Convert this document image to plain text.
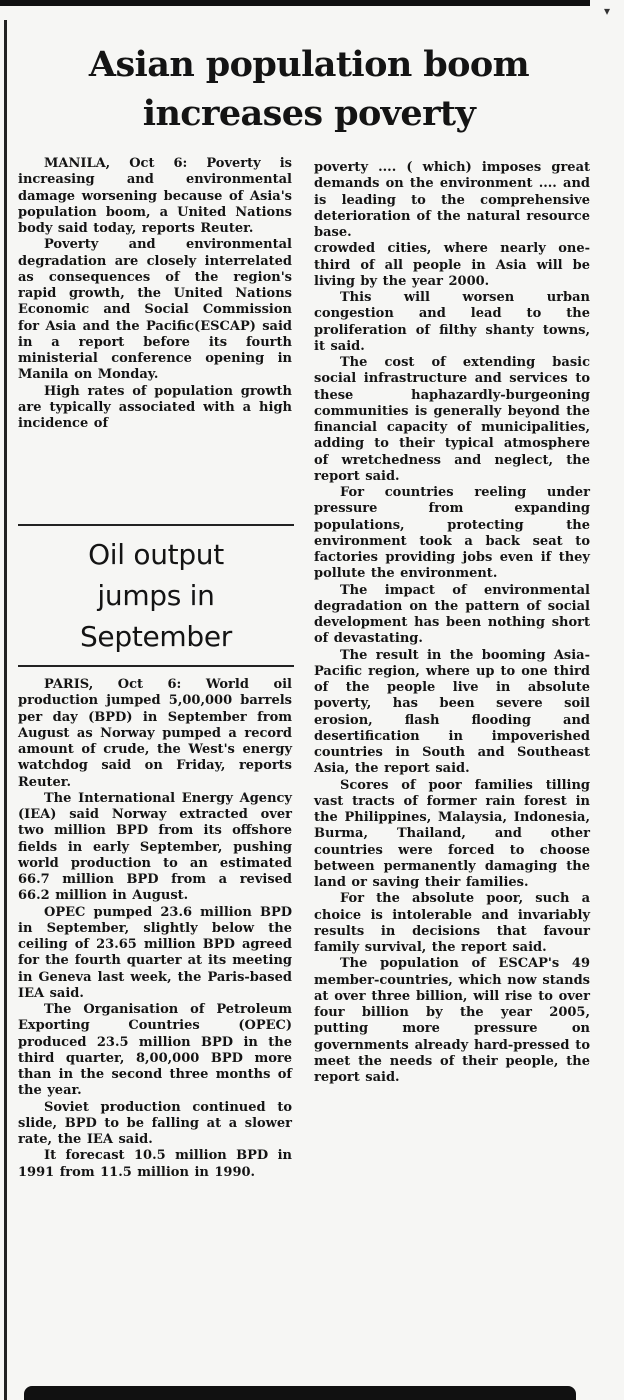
▾
Asian population boom
increases poverty

MANILA, Oct 6: Poverty is increasing and environmental damage worsening because of Asia's population boom, a United Nations body said today, reports Reuter.

Poverty and environmental degradation are closely interrelated as consequences of the region's rapid growth, the United Nations Economic and Social Commission for Asia and the Pacific(ESCAP) said in a report before its fourth ministerial conference opening in Manila on Monday.

High rates of population growth are typically associated with a high incidence of

Oil output
jumps in
September

PARIS, Oct 6: World oil production jumped 5,00,000 barrels per day (BPD) in September from August as Norway pumped a record amount of crude, the West's energy watchdog said on Friday, reports Reuter.

The International Energy Agency (IEA) said Norway extracted over two million BPD from its offshore fields in early September, pushing world production to an estimated 66.7 million BPD from a revised 66.2 million in August.

OPEC pumped 23.6 million BPD in September, slightly below the ceiling of 23.65 million BPD agreed for the fourth quarter at its meeting in Geneva last week, the Paris-based IEA said.

The Organisation of Petroleum Exporting Countries (OPEC) produced 23.5 million BPD in the third quarter, 8,00,000 BPD more than in the second three months of the year.

Soviet production continued to slide, BPD to be falling at a slower rate, the IEA said.

It forecast 10.5 million BPD in 1991 from 11.5 million in 1990.

poverty .... ( which) imposes great demands on the environment .... and is leading to the comprehensive deterioration of the natural resource base.

crowded cities, where nearly one- third of all people in Asia will be living by the year 2000.

This will worsen urban congestion and lead to the proliferation of filthy shanty towns, it said.

The cost of extending basic social infrastructure and services to these haphazardly-burgeoning communities is generally beyond the financial capacity of municipalities, adding to their typical atmosphere of wretchedness and neglect, the report said.

For countries reeling under pressure from expanding populations, protecting the environment took a back seat to factories providing jobs even if they pollute the environment.

The impact of environmental degradation on the pattern of social development has been nothing short of devastating.

The result in the booming Asia-Pacific region, where up to one third of the people live in absolute poverty, has been severe soil erosion, flash flooding and desertification in impoverished countries in South and Southeast Asia, the report said.

Scores of poor families tilling vast tracts of former rain forest in the Philippines, Malaysia, Indonesia, Burma, Thailand, and other countries were forced to choose between permanently damaging the land or saving their families.

For the absolute poor, such a choice is intolerable and invariably results in decisions that favour family survival, the report said.

The population of ESCAP's 49 member-countries, which now stands at over three billion, will rise to over four billion by the year 2005, putting more pressure on governments already hard-pressed to meet the needs of their people, the report said.
